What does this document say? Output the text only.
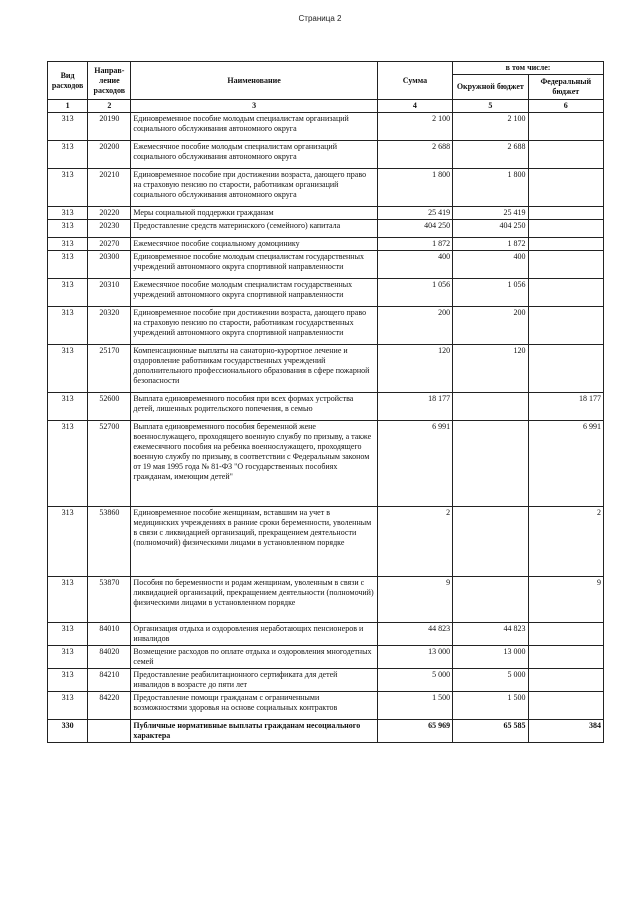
Страница 2
Вид расходов	Направ-ление расходов	Наименование	Сумма	в том числе:	
				Окружной бюджет	Федеральный бюджет
1	2	3	4	5	6
313	20190	Единовременное пособие молодым специалистам организаций социального обслуживания автономного округа	2 100	2 100	
313	20200	Ежемесячное пособие молодым специалистам организаций социального обслуживания автономного округа	2 688	2 688	
313	20210	Единовременное пособие при достижении возраста, дающего право на страховую пенсию по старости, работникам организаций социального обслуживания автономного округа	1 800	1 800	
313	20220	Меры социальной поддержки гражданам	25 419	25 419	
313	20230	Предоставление средств материнского (семейного) капитала	404 250	404 250	
313	20270	Ежемесячное пособие социальному домоцинику	1 872	1 872	
313	20300	Единовременное пособие молодым специалистам государственных учреждений автономного округа спортивной направленности	400	400	
313	20310	Ежемесячное пособие молодым специалистам государственных учреждений автономного округа спортивной направленности	1 056	1 056	
313	20320	Единовременное пособие при достижении возраста, дающего право на страховую пенсию по старости, работникам государственных учреждений автономного округа спортивной направленности	200	200	
313	25170	Компенсационные выплаты на санаторно-курортное лечение и оздоровление работникам государственных учреждений дополнительного профессионального образования в сфере пожарной безопасности	120	120	
313	52600	Выплата единовременного пособия при всех формах устройства детей, лишенных родительского попечения, в семью	18 177		18 177
313	52700	Выплата единовременного пособия беременной жене военнослужащего, проходящего военную службу по призыву, а также ежемесячного пособия на ребенка военнослужащего, проходящего военную службу по призыву, в соответствии с Федеральным законом от 19 мая 1995 года № 81-ФЗ "О государственных пособиях гражданам, имеющим детей"	6 991		6 991
313	53860	Единовременное пособие женщинам, вставшим на учет в медицинских учреждениях в ранние сроки беременности, уволенным в связи с ликвидацией организаций, прекращением деятельности (полномочий) физическими лицами в установленном порядке	2		2
313	53870	Пособия по беременности и родам женщинам, уволенным в связи с ликвидацией организаций, прекращением деятельности (полномочий) физическими лицами в установленном порядке	9		9
313	84010	Организация отдыха и оздоровления неработающих пенсионеров и инвалидов	44 823	44 823	
313	84020	Возмещение расходов по оплате отдыха и оздоровления многодетных семей	13 000	13 000	
313	84210	Предоставление реабилитационного сертификата для детей инвалидов в возрасте до пяти лет	5 000	5 000	
313	84220	Предоставление помощи гражданам с ограниченными возможностями здоровья на основе социальных контрактов	1 500	1 500	
330		Публичные нормативные выплаты гражданам несоциального характера	65 969	65 585	384
